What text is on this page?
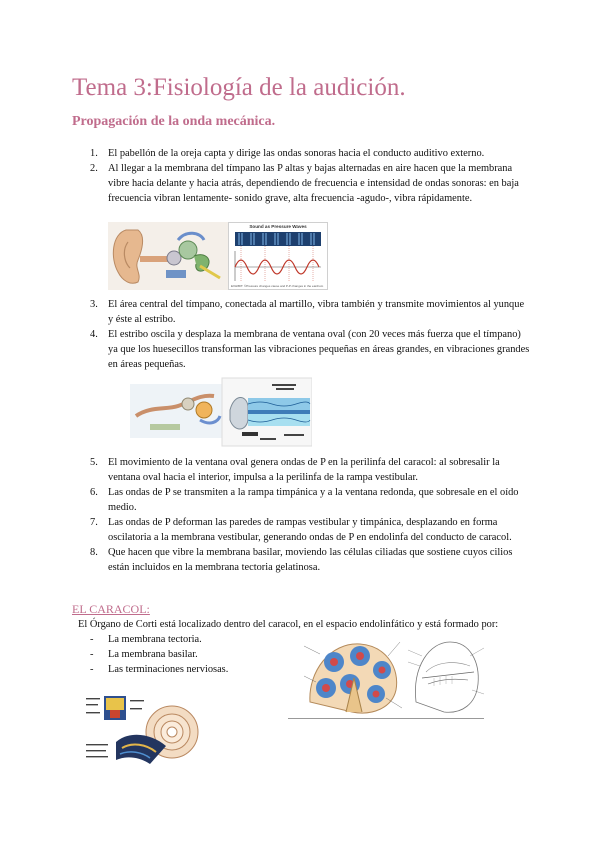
Tema 3:Fisiología de la audición.
Propagación de la onda mecánica.
1. El pabellón de la oreja capta y dirige las ondas sonoras hacia el conducto auditivo externo.
2. Al llegar a la membrana del tímpano las P altas y bajas alternadas en aire hacen que la membrana vibre hacia delante y hacia atrás, dependiendo de frecuencia e intensidad de ondas sonoras: en baja frecuencia vibran lentamente- sonido grave, alta frecuencia -agudo-, vibra rápidamente.
Sound as Pressure Waves
EXHIBIT: ©Pressure changes cause and P-P changes in the eardrum
3. El área central del tímpano, conectada al martillo, vibra también y transmite movimientos al yunque y éste al estribo.
4. El estribo oscila y desplaza la membrana de ventana oval (con 20 veces más fuerza que el tímpano) ya que los huesecillos transforman las vibraciones pequeñas en áreas grandes, en vibraciones grandes en áreas pequeñas.
5. El movimiento de la ventana oval genera ondas de P en la perilinfa del caracol: al sobresalir la ventana oval hacia el interior, impulsa a la perilinfa de la rampa vestibular.
6. Las ondas de P se transmiten a la rampa timpánica y a la ventana redonda, que sobresale en el oído medio.
7. Las ondas de P deforman las paredes de rampas vestibular y timpánica, desplazando en forma oscilatoria a la membrana vestibular, generando ondas de P en endolinfa del conducto de caracol.
8. Que hacen que vibre la membrana basilar, moviendo las células ciliadas que sostiene cuyos cilios están incluidos en la membrana tectoria gelatinosa.
EL CARACOL:

El Órgano de Corti está localizado dentro del caracol, en el espacio endolinfático y está formado por:

- La membrana tectoria.
- La membrana basilar.
- Las terminaciones nerviosas.
